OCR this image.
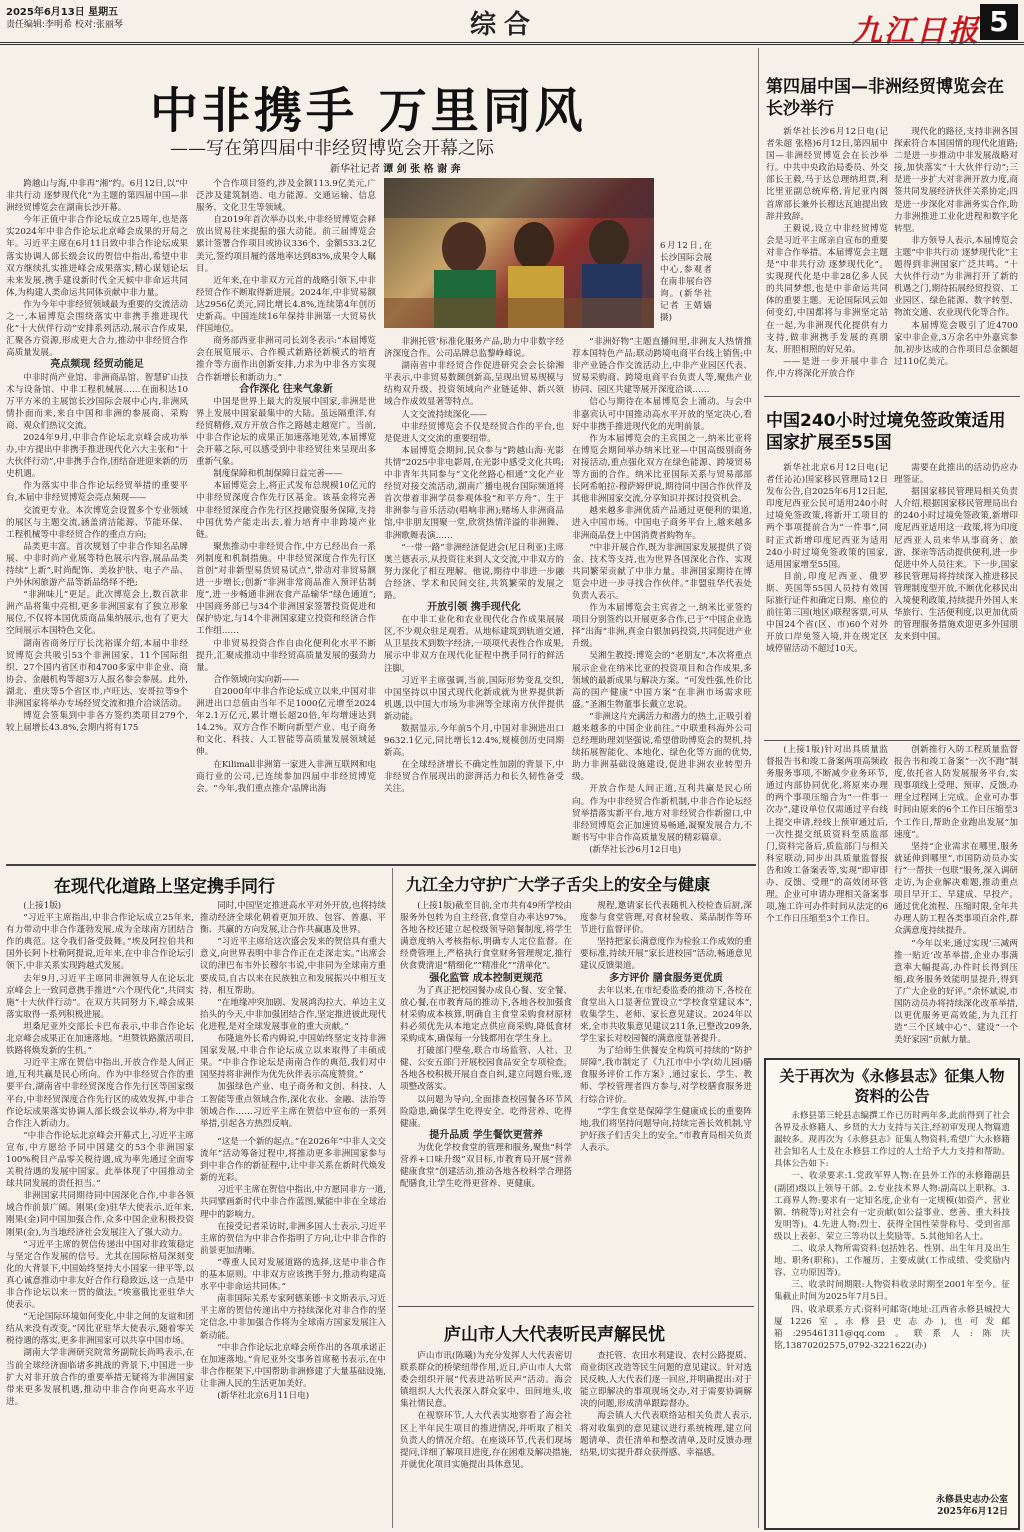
2025年6月13日 星期五
责任编辑:李明希 校对:张丽琴	综合	九江日报 5
中非携手 万里同风
——写在第四届中非经贸博览会开幕之际
新华社记者 谭 剑 张 格 谢 奔
6月12日,在长沙国际会展中心,参观者在南非展台咨询。(新华社记者 王婧嫱 摄)

跨越山与海,中非再“湘”约。6月12日,以“中非共行动 逐梦现代化”为主题的第四届中国—非洲经贸博览会在湖南长沙开幕。

今年正值中非合作论坛成立25周年,也是落实2024年中非合作论坛北京峰会成果的开局之年。习近平主席在6月11日致中非合作论坛成果落实协调人部长级会议的贺信中指出,希望中非双方继续扎实推进峰会成果落实,精心谋划论坛未来发展,携手建设新时代全天候中非命运共同体,为构建人类命运共同体贡献中非力量。

作为今年中非经贸领域最为重要的交流活动之一,本届博览会围绕落实中非携手推进现代化“十大伙伴行动”安排系列活动,展示合作成果,汇聚各方资源,形成更大合力,推动中非经贸合作高质量发展。

亮点频现 经贸动能足

中非时尚产业馆、非洲商品馆、智慧矿山技术与设备馆、中非工程机械展……在面积达10万平方米的主展馆长沙国际会展中心内,非洲风情扑面而来,来自中国和非洲的参展商、采购商、观众们热议交流。

2024年9月,中非合作论坛北京峰会成功举办,中方提出中非携手推进现代化六大主张和“十大伙伴行动”,中非携手合作,团结奋进迎来新的历史机遇。

作为落实中非合作论坛经贸举措的重要平台,本届中非经贸博览会亮点频现——

交流更专业。本次博览会设置多个专业领域的展区与主题交流,涵盖清洁能源、节能环保、工程机械等中非经贸合作的重点方向;

品类更丰富。首次规划了中非合作知名品牌展、中非时尚产业展等特色展示内容,展品品类持续“上新”,时尚配饰、美妆护肤、电子产品、户外休闲旅游产品等新品络绎不绝;

“非洲味儿”更足。此次博览会上,数百款非洲产品将集中亮相,更多非洲国家有了独立形象展位,不仅将本国优质商品集纳展示,也有了更大空间展示本国特色文化。

湖南省商务厅厅长沈裕谋介绍,本届中非经贸博览会共吸引53个非洲国家、11个国际组织、27个国内省区市和4700多家中非企业、商协会、金融机构等超3万人报名参会参展。此外,湖北、重庆等5个省区市,卢旺达、安哥拉等9个非洲国家将举办专场经贸交流和推介洽谈活动。

博览会签集到中非各方签约类项目279个,较上届增长43.8%,会期内将有175

个合作项目签约,涉及金额113.9亿美元,广泛涉及建筑制造、电力能源、交通运输、信息服务、文化卫生等领域。

自2019年首次举办以来,中非经贸博览会释放出贸易往来提振的强大动能。前三届博览会累计签署合作项目或协议336个、金额533.2亿美元,签约项目履约落地率达到83%,成果令人瞩目。

近年来,在中非双方元首的战略引领下,中非经贸合作不断取得新进展。2024年,中非贸易额达2956亿美元,同比增长4.8%,连续第4年创历史新高。中国连续16年保持非洲第一大贸易伙伴国地位。

商务部西亚非洲司司长刘冬表示:“本届博览会在展览展示、合作模式新路径新模式的培育推介等方面作出创新安排,力求为中非各方实现合作新增长和新动力。”

合作深化 往来气象新

中国是世界上最大的发展中国家,非洲是世界上发展中国家最集中的大陆。虽远隔重洋,有经贸精修,双方开放合作之路越走越宽广。当前,中非合作论坛的成果正加速落地见效,本届博览会开幕之际,可以感受到中非经贸往来呈现出多重新气象。

制度保障和机制保障日益完善——

本届博览会上,将正式发布总规模10亿元的中非经贸深度合作先行区基金。该基金将完善中非经贸深度合作先行区投融资服务保障,支持中国优势产能走出去,着力培育中非跨境产业链。

聚焦推动中非经贸合作,中方已经出台一系列制度和机制措施。中非经贸深度合作先行区首创“对非新型易货贸易试点”,带动对非贸易额进一步增长;创新“非洲非常商品准入预评估制度”,进一步畅通非洲农食产品输华“绿色通道”;中国商务部已与34个非洲国家签署投资促进和保护协定,与14个非洲国家建立投资和经济合作工作组……

中非贸易投资合作自由化便利化水平不断提升,汇聚成推动中非经贸高质量发展的强劲力量。

合作领域向实向新——

自2000年中非合作论坛成立以来,中国对非洲进出口总值由当年不足1000亿元增至2024年2.1万亿元,累计增长超20倍,年均增速达到14.2%。双方合作不断向新型产业、电子商务和文化、科技、人工智能等高质量发展领域延伸。

在Kilimall非洲第一家进入非洲互联网和电商行业的公司,已连续参加四届中非经贸博览会。“今年,我们重点推介‘品牌出海

非洲托管’标准化服务产品,助力中非数字经济深度合作。公司品牌总监黎峥峰说。

湖南省中非经贸合作促进研究会会长徐湘平表示,中非贸易数额创新高,呈现出贸易规模与结构双升级、投资领域向产业链延伸、新兴领域合作成效显著等特点。

人文交流持续深化——

中非经贸博览会不仅是经贸合作的平台,也是促进人文交流的重要纽带。

本届博览会期间,民众参与“跨越山海·光影共情”2025中非电影周,在光影中感受文化共鸣;中非青年共同参与“文化丝路心相通”文化产业经贸对接交流活动,湖南广播电视台国际频道将首次带着非洲学员参观体验“和平方舟”、生于非洲参与音乐活动(唱响非洲);赌场人非洲商品馆,中非朋友围聚一堂,欣赏热情洋溢的非洲舞、非洲歌舞表演……

“一带一路”非洲经济促进会(尼日利亚)主席奥兰德表示,从投资往来到人文交流,中非双方的努力深化了相互理解。他说,期待中非进一步融合经济、学术和民间交往,共筑繁荣的发展之路。

开放引领 携手现代化

在中非工业化和农业现代化合作成果展展区,不少观众驻足观看。从地标建筑到轨道交通,从卫星技术到数字经济,一项项代表性合作成果,展示中非双方在现代化征程中携手同行的鲜活注脚。

习近平主席强调,当前,国际形势变乱交织,中国坚持以中国式现代化新成就为世界提供新机遇,以中国大市场为非洲等全球南方伙伴提供新动能。

数据显示,今年前5个月,中国对非洲进出口9632.1亿元,同比增长12.4%,规模创历史同期新高。

在全球经济增长不确定性加剧的背景下,中非经贸合作展现出的澎湃活力和长久韧性备受关注。

“非洲好物”主题直播间里,非洲友人热情推荐本国特色产品;联动跨境电商平台线上销售;中非产业链合作交流活动上,中非产业园区代表、贸易采购商、跨境电商平台负责人等,聚焦产业协同、园区共建等展开深度洽谈……

信心与期待在本届博览会上涌动。与会中非嘉宾认可中国推动高水平开放的坚定决心,看好中非携手推进现代化的光明前景。

作为本届博览会的主宾国之一,纳米比亚将在博览会期间举办纳米比亚—中国高级别商务对接活动,重点强化双方在绿色能源、跨境贸易等方面的合作。纳米比亚国际关系与贸易部部长阿希帕拉-穆萨姆伊说,期待同中国合作伙伴及其他非洲国家交流,分享知识并探讨投资机会。

越来越多非洲优质产品通过更便利的渠道,进入中国市场。中国电子商务平台上,越来越多非洲商品登上中国消费者购物车。

“中非开展合作,既为非洲国家发展提供了资金、技术等支持,也为世界各国深化合作、实现共同繁荣贡献了中非力量。非洲国家期待在博览会中进一步寻找合作伙伴。”非盟驻华代表处负责人表示。

作为本届博览会主宾省之一,纳米比亚签约项目分别签约以开展更多合作,已于“中国企业选择”出海“非洲,真金白银加码投资,共同促进产业升级。

吴湘生教授:博览会的“老朋友”,本次将重点展示企业在纳米比亚的投资项目和合作成果,多领域的最新成果与解决方案。“可发性强,性价比高的国产健康”中国方案”在非洲市场需求旺盛。”圣湘生物董事长戴立忠说。

“非洲这片充满活力和潜力的热土,正吸引着越来越多的中国企业前往。”中联重科海外公司总经理助理刘坚强说,希望借助博览会的契机,持续拓展智能化、本地化、绿色化等方面的优势,助力非洲基础设施建设,促进非洲农业转型升级。

开放合作是人间正道,互利共赢是民心所向。作为中非经贸合作新机制,中非合作论坛经贸举措落实新平台,地方对非经贸合作新窗口,中非经贸博览会正加速贸易畅通,凝聚发展合力,不断书写中非合作高质量发展的精彩篇章。

(新华社长沙6月12日电)

第四届中国—非洲经贸博览会在长沙举行

新华社长沙6月12日电(记者朱超 张格)6月12日,第四届中国—非洲经贸博览会在长沙举行。中共中央政治局委员、外交部长王毅,马于达总理纳坦贾,利比里亚副总统库格,肯尼亚内阁首席部长兼外长穆达瓦迪提出致辞并致辞。

王毅说,设立中非经贸博览会是习近平主席亲自宣布的重要对非合作举措。本届博览会主题是“中非共行动 逐梦现代化”。实现现代化是中非28亿多人民的共同梦想,也是中非命运共同体的重要主题。无论国际风云如何变幻,中国都将与非洲坚定站在一起,为非洲现代化提供有力支持,做非洲携手发展的真朋友、肝胆相照的好兄弟。

——是进一步开展中非合作,中方将深化开放合作

现代化的路径,支持非洲各国探索符合本国国情的现代化道路;二是进一步推动中非发展战略对接,加快落实“十大伙伴行动”;三是进一步扩大对非洲开放力度,商签共同发展经济伙伴关系协定;四是进一步深化对非洲务实合作,助力非洲推进工业化进程和数字化转型。

非方领导人表示,本届博览会主题“中非共行动 逐梦现代化”主题得到非洲国家广泛共鸣。“十大伙伴行动”为非洲打开了新的机遇之门,期待拓展经贸投资、工业园区、绿色能源、数字转型、物流交通、农业现代化等合作。

本届博览会吸引了近4700家中非企业,3万余名中外嘉宾参加,初步达成的合作项目总金额超过110亿美元。

中国240小时过境免签政策适用国家扩展至55国

新华社北京6月12日电(记者任沁沁)国家移民管理局12日发布公告,自2025年6月12日起,印度尼西亚公民可适用240小时过境免签政策,将新开工项目的两个事项提前合为“一件事”,同时正式新增印度尼西亚为适用240小时过境免签政策的国家,适用国家增至55国。

目前,印度尼西亚、俄罗斯、英国等55国人员持有效国际旅行证件和确定日期、座位的前往第三国(地区)联程客票,可从中国24个省(区、市)60个对外开放口岸免签入境,并在规定区域停留活动不超过10天。

需要在此推出的活动仍应办理签证。

据国家移民管理局相关负责人介绍,根据国家移民管理局出台的240小时过境免签政策,新增印度尼西亚适用这一政策,将为印度尼西亚人员来华从事商务、旅游、探亲等活动提供便利,进一步促进中外人员往来。下一步,国家移民管理局将持续深入推进移民管理制度型开放,不断优化移民出入境便利政策,持续提升外国人来华旅行、生活便利度,以更加优质的管理服务措施欢迎更多外国朋友来到中国。

(上接1版)针对出具质量监督报告书和竣工备案两项高频政务服务事项,不断减少业务环节,通过内部协同优化,将原来办理的两个事项压缩合为“一件事一次办”,建设单位仅需通过平台线上提交申请,经线上预审通过后,一次性提交纸质资料至质监部门,资料完备后,质监部门与相关科室联动,同步出具质量监督报告和竣工备案表等,实现“即审即办、反馈、受理”的高效闭环管理。企业可申请办理相关备案事项,施工许可办件时间从法定的6个工作日压缩至3个工作日。

创新推行入防工程质量监督报告书和竣工备案“一次不跑”制度,依托省人防发展服务平台,实现事项线上受理、预审、反馈,办理全过程网上完成。企业可办事时间由原来的6个工作日压缩至3个工作日,帮助企业跑出发展“加速度”。

坚持“企业需求在哪里,服务就延伸到哪里”,市国防动员办实行“一帮扶一包联”服务,深入调研走访,为企业解决难题,推动重点项目早开工、早建成、早投产。通过优化流程、压缩时限,全年共办理人防工程各类事项百余件,群众满意度持续提升。

“今年以来,通过实现‘三减两推一贴近’改革举措,企业办事满意率大幅提高,办件时长得到压缩,政务服务效能明显提升,得到了广大企业的好评。”余怀斌说,市国防动员办将持续深化改革举措,以更优服务更高效能,为九江打造“三个区域中心”、建设“一个美好家园”贡献力量。

关于再次为《永修县志》征集人物资料的公告

永修县第三轮县志编撰工作已历时两年多,此前得到了社会各界及永修籍人、乡贤的大力支持与关注,经初审发现人物篇遗漏较多。现再次为《永修县志》征集人物资料,希望广大永修籍社会知名人士及在永修县工作过的人士给予大力支持和帮助。具体公告如下:

一、收录要求:1.党政军界人物:在县外工作的永修籍副县(副团)级以上领导干部。2.专业技术界人物:副高以上职称。3.工商界人物:要求有一定知名度,企业有一定规模(如资产、营业额、纳税等);对社会有一定贡献(如公益事业、慈善、重大科技发明等)。4.先进人物:烈士、获得全国性荣誉称号、受到省部级以上表彰、荣立三等功以上奖励等。5.其他知名人士。

二、收录人物所需资料:包括姓名、性别、出生年月及出生地、职务(职称)、工作履历、主要成就(工作成绩、受奖励内容、立功原因等)。

三、收录时间期限:人物资料收录时期至2001年至今。征集截止时间为2025年7月5日。

四、收录联系方式:资料可邮寄(地址:江西省永修县城投大厦1226室,永修县史志办),也可发邮箱:295461311@qq.com。联系人:陈庆铭,13870202575,0792-3221622(办)

永修县史志办公室
2025年6月12日
在现代化道路上坚定携手同行

(上接1版)

“习近平主席指出,中非合作论坛成立25年来,有力带动中非合作蓬勃发展,成为全球南方团结合作的典范。这令我们备受鼓舞。”埃及阿拉伯共和国外长阿卜杜勒阿提说,近年来,在中非合作论坛引领下,中非关系实现跨越式发展。

去年9月,习近平主席同非洲领导人在论坛北京峰会上一致同意携手推进“六个现代化”,共同实施“十大伙伴行动”。在双方共同努力下,峰会成果落实取得一系列积极进展。

坦桑尼亚外交部长卡巴布表示,中非合作论坛北京峰会成果正在加速落地。“坦赞铁路激活项目,铁路将焕发新的生机。”

习近平主席在贺信中指出,开放合作是人间正道,互利共赢是民心所向。作为中非经贸合作的重要平台,湖南省中非经贸深度合作先行区等国家级平台,中非经贸深度合作先行区的成效发挥,中非合作论坛成果落实协调人部长级会议举办,将为中非合作注入新动力。

“中非合作论坛北京峰会开幕式上,习近平主席宣布,中方愿给予同中国建交的53个非洲国家100%税目产品零关税待遇,成为率先通过全面零关税待遇的发展中国家。此举体现了中国推动全球共同发展的责任担当。”

非洲国家共同期待同中国深化合作,中非各领域合作前景广阔。刚果(金)驻华大使表示,近年来,刚果(金)同中国加强合作,众多中国企业积极投资刚果(金),为当地经济社会发展注入了强大动力。

“习近平主席的贺信传递出中国对非政策稳定与坚定合作发展的信号。尤其在国际格局深刻变化的大背景下,中国始终坚持大小国家一律平等,以真心诚意推动中非友好合作行稳致远,这一点是中非合作论坛以来一贯的做法。”埃塞俄比亚驻华大使表示。

“无论国际环境如何变化,中非之间的友谊和团结从来没有改变。”冈比亚驻华大使表示,随着零关税待遇的落实,更多非洲国家可以共享中国市场。

湖南大学非洲研究院常务副院长尚鸣表示,在当前全球经济面临诸多挑战的背景下,中国进一步扩大对非开放合作的重要举措无疑将为非洲国家带来更多发展机遇,推动中非合作向更高水平迈进。

同时,中国坚定推进高水平对外开放,也将持续推动经济全球化朝着更加开放、包容、普惠、平衡、共赢的方向发展,让合作共赢惠及世界。

“习近平主席给这次盛会发来的贺信具有重大意义,向世界表明中非合作正在走深走实。”出席会议的津巴布韦外长穆尔韦说,中非同为全球南方重要成员,自古以来在民族独立和发展振兴中相互支持、相互帮助。

“在地缘冲突加剧、发展鸿沟拉大、单边主义抬头的今天,中非加强团结合作,坚定推进彼此现代化进程,是对全球发展事业的重大贡献。”

布隆迪外长希内姆说,中国始终坚定支持非洲国家发展,中非合作论坛成立以来取得了丰硕成果。“中非合作论坛是南南合作的典范,我们对中国坚持将非洲作为优先伙伴表示高度赞赏。”

加强绿色产业、电子商务和文创、科技、人工智能等重点领域合作,深化农业、金融、法治等领域合作……习近平主席在贺信中宣布的一系列举措,引起各方热烈反响。

“这是一个新的起点。”在2026年“中非人文交流年”活动筹备过程中,将推动更多非洲国家参与到中非合作的新征程中,让中非关系在新时代焕发新的光彩。

习近平主席在贺信中指出,中方愿同非方一道,共同擘画新时代中非合作蓝图,赋能中非在全球治理中的影响力。

在接受记者采访时,非洲多国人士表示,习近平主席的贺信为中非合作指明了方向,让中非合作的前景更加清晰。

“尊重人民对发展道路的选择,这是中非合作的基本原则。中非双方应该携手努力,推动构建高水平中非命运共同体。”

南非国际关系专家阿德莱德·卡文斯表示,习近平主席的贺信传递出中方持续深化对非合作的坚定信念,中非加强合作将为全球南方国家发展注入新动能。

“中非合作论坛北京峰会所作出的各项承诺正在加速落地。”肯尼亚外交事务首席秘书表示,在中非合作框架下,中国帮助非洲修建了大量基础设施,让非洲人民的生活更加美好。

(新华社北京6月11日电)

九江全力守护广大学子舌尖上的安全与健康

(上接1版)截至目前,全市共有49所学校由服务外包转为自主经营,食堂自办率达97%。各地各校还建立起校级领导陪餐制度,将学生满意度纳入考核指标,明确专人定位监督。在经费管理上,严格执行食堂财务管理规定,推行伙食费清退“精细化”“精准化”“清单化”。

强化监管 成本控制更规范

为了真正把校园餐办成良心餐、安全餐、放心餐,在市教育局的推动下,各地各校加强食材采购成本核算,明确自主食堂采购食材原材料必须优先从本地定点供应商采购,降低食材采购成本,确保每一分钱都用在学生身上。

打破部门壁垒,联合市场监管、人社、卫健、公安五部门开展校园食品安全专项检查。各地各校积极开展自查自纠,建立问题台账,逐项整改落实。

以问题为导向,全面排查校园餐各环节风险隐患,确保学生吃得安全、吃得营养、吃得健康。

提升品质 学生餐饮更营养

为优化学校食堂的管理和服务,聚焦“科学营养+口味升级”双目标,市教育局开展“营养健康食堂”创建活动,推动各地各校科学合理搭配膳食,让学生吃得更营养、更健康。

规程,邀请家长代表随机入校检查后厨,深度参与食堂管理,对食材验收、菜品制作等环节进行监督评价。

坚持把家长满意度作为检验工作成效的重要标准,持续开展“家长进校园”活动,畅通意见建议反馈渠道。

多方评价 膳食服务更优质

去年以来,在市纪委监委的推动下,各校在食堂出入口显著位置设立“学校食堂建议本”,收集学生、老师、家长意见建议。2024年以来,全市共收集意见建议211条,已整改209条,学生家长对校园餐的满意度显著提升。

为了给师生供餐安全构筑可持续的“防护屏障”,我市制定了《九江市中小学(幼儿园)膳食服务评价工作方案》,通过家长、学生、教师、学校管理者四方参与,对学校膳食服务进行综合评价。

“学生食堂是保障学生健康成长的重要阵地,我们将坚持问题导向,持续完善长效机制,守护好孩子们舌尖上的安全。”市教育局相关负责人表示。

庐山市人大代表听民声解民忧

庐山市讯(陈曦)为充分发挥人大代表密切联系群众的桥梁纽带作用,近日,庐山市人大常委会组织开展“代表进站听民声”活动。海会镇组织人大代表深入群众家中、田间地头,收集社情民意。

在视察环节,人大代表实地察看了海会社区上半年民生项目的推进情况,并听取了相关负责人的情况介绍。在座谈环节,代表们现场提问,详细了解项目进度,存在困难及解决措施,并就优化项目实施提出具体意见。

查托管、农田水利建设、农村公路提质、商业街区改造等民生问题的意见建议。针对选民反映,人大代表们逐一回应,并明确提出:对于能立即解决的事项现场交办,对于需要协调解决的问题,形成清单跟踪督办。

海会镇人大代表联络站相关负责人表示,将对收集到的意见建议进行系统梳理,建立问题清单、责任清单和整改清单,及时反馈办理结果,切实提升群众获得感、幸福感。
